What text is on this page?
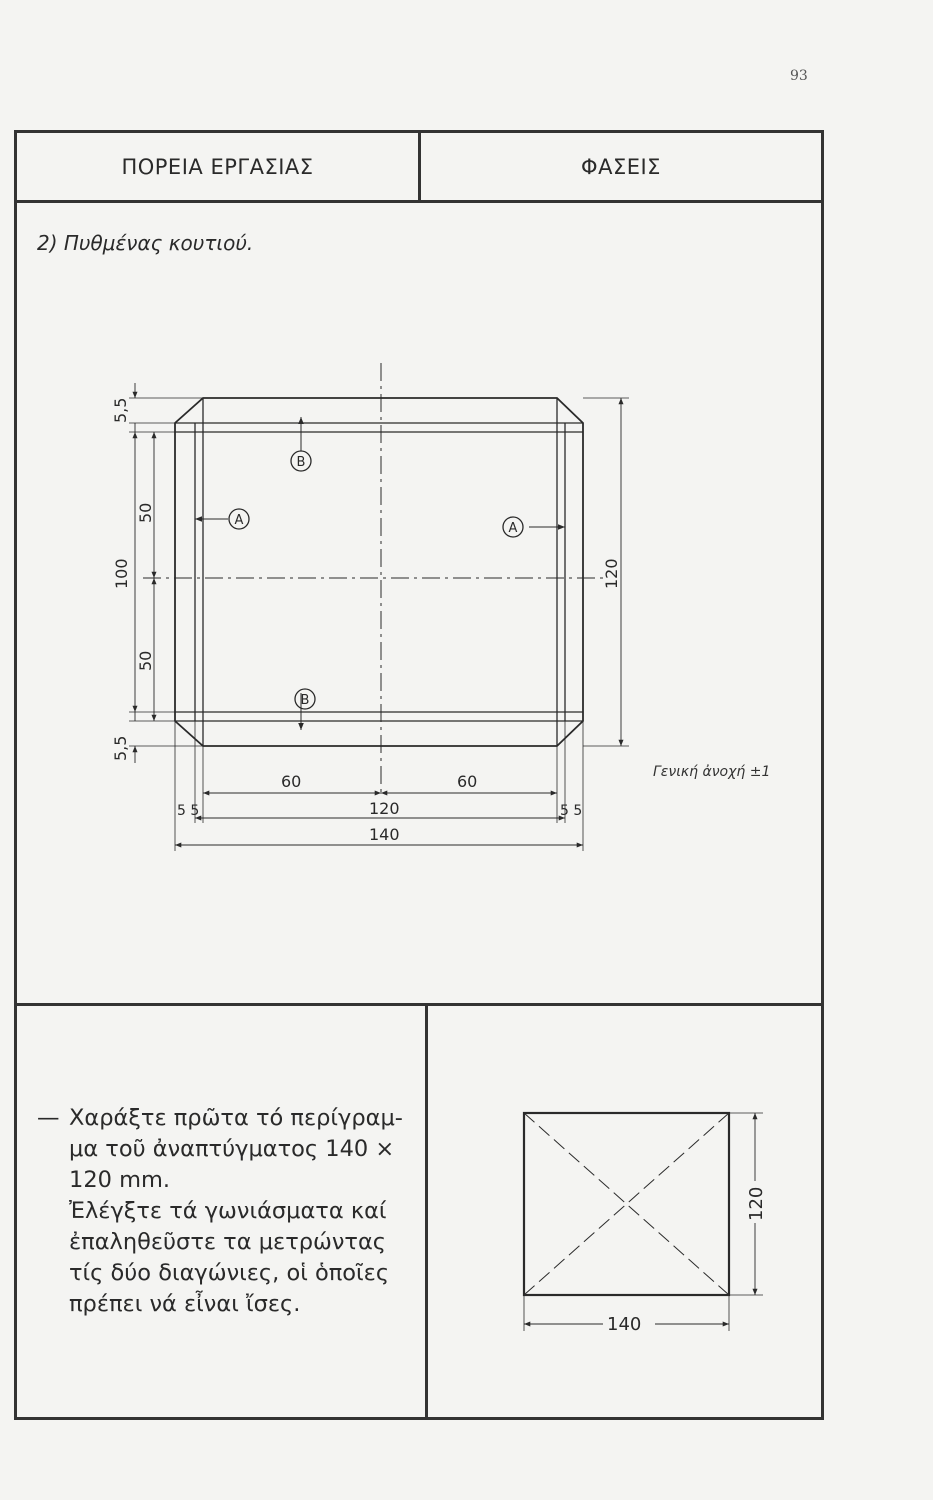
93
ΠΟΡΕΙΑ ΕΡΓΑΣΙΑΣ	ΦΑΣΕΙΣ
2) Πυθμένας κουτιού.
5,5
50
100
50
5,5
120
60	60
5 5	120	5 5
140
B
B
A
A
Γενική ἀνοχή ±1
— Χαράξτε πρῶτα τό περίγραμ-
μα τοῦ ἀναπτύγματος 140 ×
120 mm.
Ἐλέγξτε τά γωνιάσματα καί
ἐπαληθεῦστε τα μετρώντας
τίς δύο διαγώνιες, οἱ ὁποῖες
πρέπει νά εἶναι ἴσες.
120
140
